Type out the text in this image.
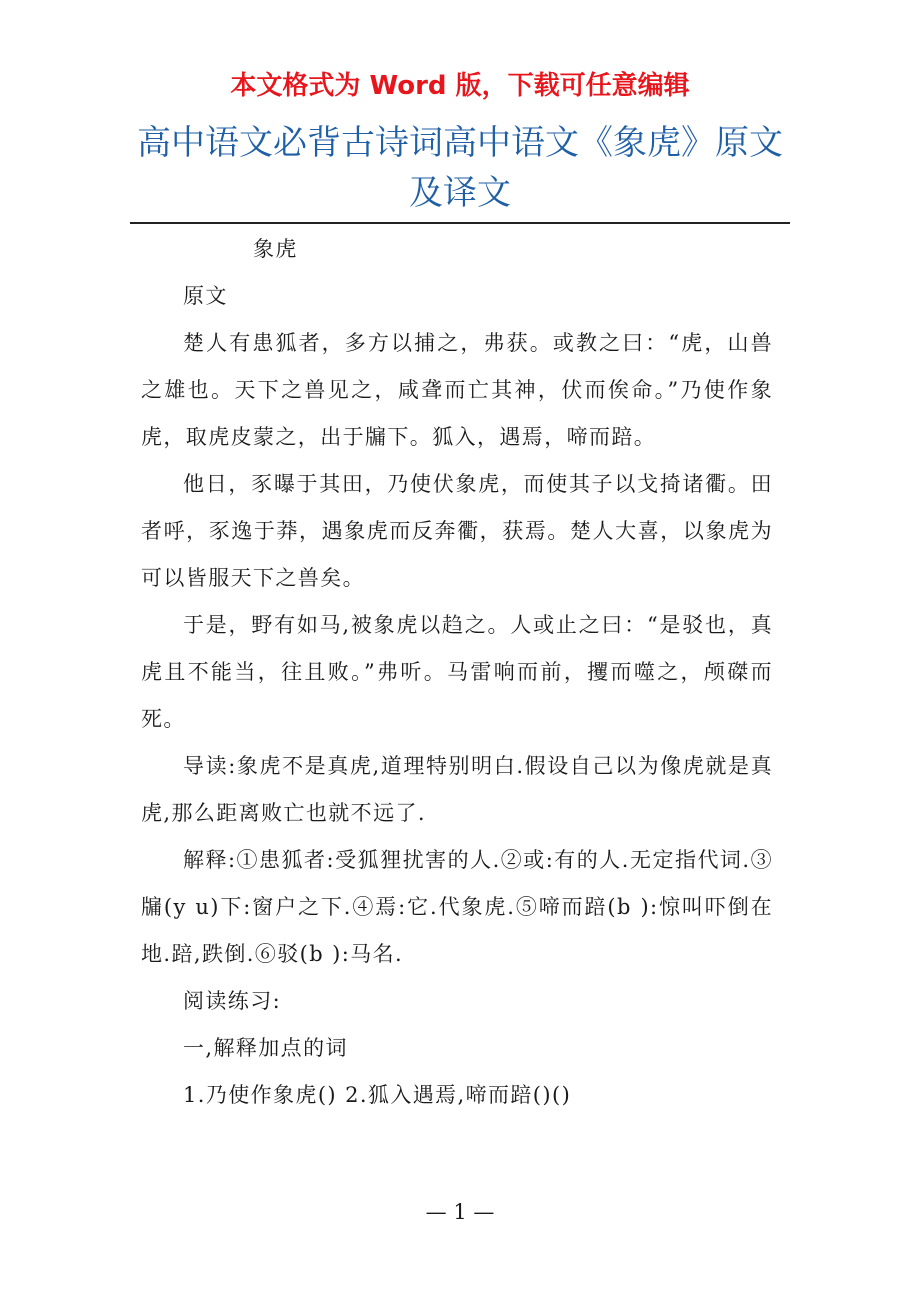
本文格式为 Word 版，下载可任意编辑
高中语文必背古诗词高中语文《象虎》原文及译文

象虎

原文

楚人有患狐者，多方以捕之，弗获。或教之曰：“虎，山兽之雄也。天下之兽见之，咸聋而亡其神，伏而俟命。”乃使作象虎，取虎皮蒙之，出于牖下。狐入，遇焉，啼而踣。

他日，豕曝于其田，乃使伏象虎，而使其子以戈掎诸衢。田者呼，豕逸于莽，遇象虎而反奔衢，获焉。楚人大喜，以象虎为可以皆服天下之兽矣。

于是，野有如马,被象虎以趋之。人或止之曰：“是驳也，真虎且不能当，往且败。”弗听。马雷响而前，攫而噬之，颅磔而死。

导读:象虎不是真虎,道理特别明白.假设自己以为像虎就是真虎,那么距离败亡也就不远了.

解释:①患狐者:受狐狸扰害的人.②或:有的人.无定指代词.③牖(y u)下:窗户之下.④焉:它.代象虎.⑤啼而踣(b ):惊叫吓倒在地.踣,跌倒.⑥驳(b ):马名.

阅读练习:

一,解释加点的词

1.乃使作象虎() 2.狐入遇焉,啼而踣()()

— 1 —
